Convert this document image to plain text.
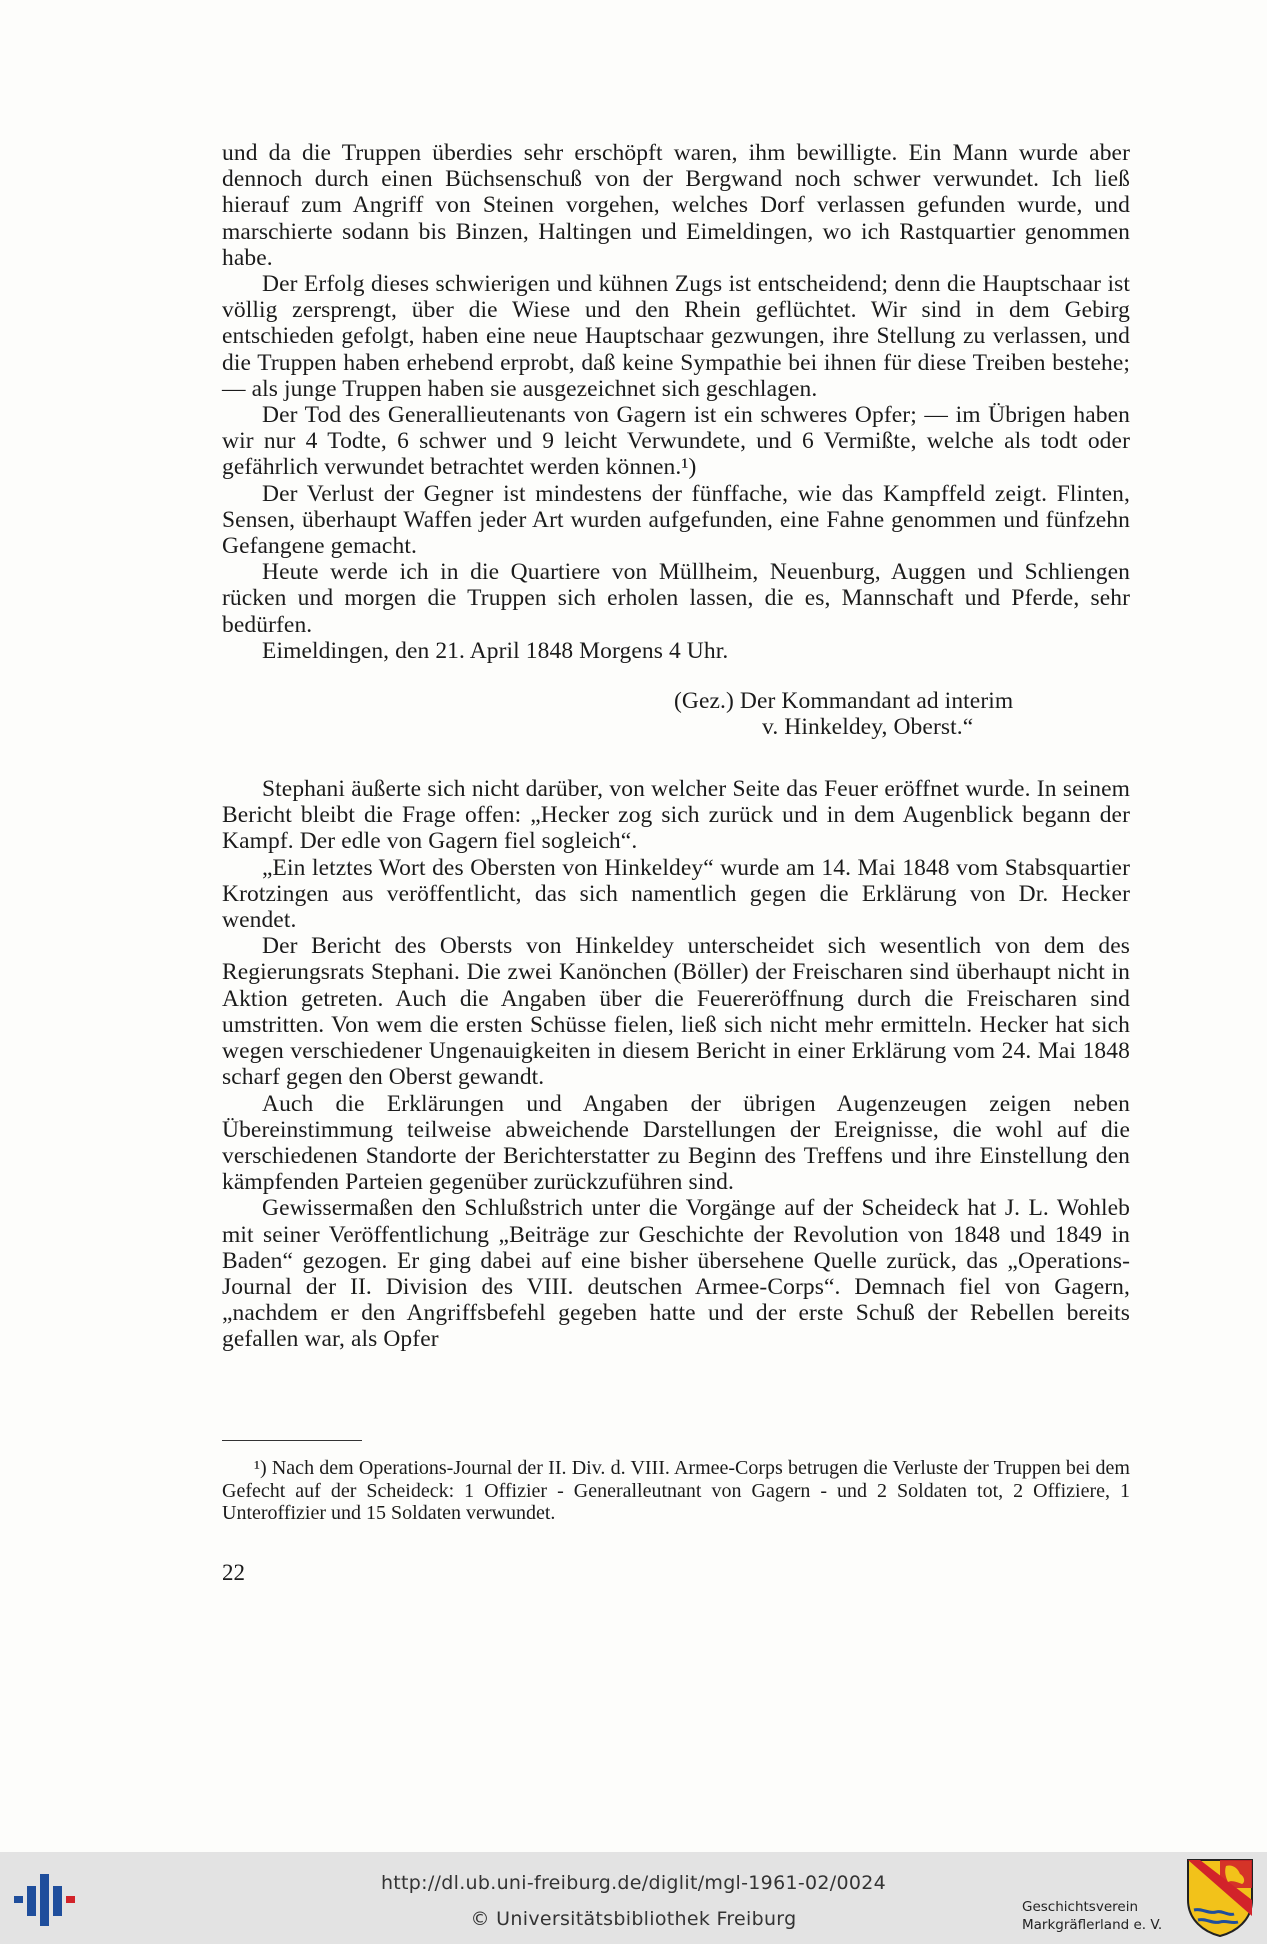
und da die Truppen überdies sehr erschöpft waren, ihm bewilligte. Ein Mann wurde aber dennoch durch einen Büchsenschuß von der Bergwand noch schwer verwundet. Ich ließ hierauf zum Angriff von Steinen vorgehen, welches Dorf verlassen gefunden wurde, und marschierte sodann bis Binzen, Haltingen und Eimeldingen, wo ich Rastquartier genommen habe.

Der Erfolg dieses schwierigen und kühnen Zugs ist entscheidend; denn die Hauptschaar ist völlig zersprengt, über die Wiese und den Rhein geflüchtet. Wir sind in dem Gebirg entschieden gefolgt, haben eine neue Hauptschaar gezwungen, ihre Stellung zu verlassen, und die Truppen haben erhebend erprobt, daß keine Sympathie bei ihnen für diese Treiben bestehe; — als junge Truppen haben sie ausgezeichnet sich geschlagen.

Der Tod des Generallieutenants von Gagern ist ein schweres Opfer; — im Übrigen haben wir nur 4 Todte, 6 schwer und 9 leicht Verwundete, und 6 Vermißte, welche als todt oder gefährlich verwundet betrachtet werden können.¹)

Der Verlust der Gegner ist mindestens der fünffache, wie das Kampffeld zeigt. Flinten, Sensen, überhaupt Waffen jeder Art wurden aufgefunden, eine Fahne genommen und fünfzehn Gefangene gemacht.

Heute werde ich in die Quartiere von Müllheim, Neuenburg, Auggen und Schliengen rücken und morgen die Truppen sich erholen lassen, die es, Mannschaft und Pferde, sehr bedürfen.

Eimeldingen, den 21. April 1848 Morgens 4 Uhr.

(Gez.) Der Kommandant ad interim
v. Hinkeldey, Oberst.“

Stephani äußerte sich nicht darüber, von welcher Seite das Feuer eröffnet wurde. In seinem Bericht bleibt die Frage offen: „Hecker zog sich zurück und in dem Augenblick begann der Kampf. Der edle von Gagern fiel sogleich“.

„Ein letztes Wort des Obersten von Hinkeldey“ wurde am 14. Mai 1848 vom Stabsquartier Krotzingen aus veröffentlicht, das sich namentlich gegen die Erklärung von Dr. Hecker wendet.

Der Bericht des Obersts von Hinkeldey unterscheidet sich wesentlich von dem des Regierungsrats Stephani. Die zwei Kanönchen (Böller) der Freischaren sind überhaupt nicht in Aktion getreten. Auch die Angaben über die Feuereröffnung durch die Freischaren sind umstritten. Von wem die ersten Schüsse fielen, ließ sich nicht mehr ermitteln. Hecker hat sich wegen verschiedener Ungenauigkeiten in diesem Bericht in einer Erklärung vom 24. Mai 1848 scharf gegen den Oberst gewandt.

Auch die Erklärungen und Angaben der übrigen Augenzeugen zeigen neben Übereinstimmung teilweise abweichende Darstellungen der Ereignisse, die wohl auf die verschiedenen Standorte der Berichterstatter zu Beginn des Treffens und ihre Einstellung den kämpfenden Parteien gegenüber zurückzuführen sind.

Gewissermaßen den Schlußstrich unter die Vorgänge auf der Scheideck hat J. L. Wohleb mit seiner Veröffentlichung „Beiträge zur Geschichte der Revolution von 1848 und 1849 in Baden“ gezogen. Er ging dabei auf eine bisher übersehene Quelle zurück, das „Operations-Journal der II. Division des VIII. deutschen Armee-Corps“. Demnach fiel von Gagern, „nachdem er den Angriffsbefehl gegeben hatte und der erste Schuß der Rebellen bereits gefallen war, als Opfer

¹) Nach dem Operations-Journal der II. Div. d. VIII. Armee-Corps betrugen die Verluste der Truppen bei dem Gefecht auf der Scheideck: 1 Offizier - Generalleutnant von Gagern - und 2 Soldaten tot, 2 Offiziere, 1 Unteroffizier und 15 Soldaten verwundet.
22
http://dl.ub.uni-freiburg.de/diglit/mgl-1961-02/0024
© Universitätsbibliothek Freiburg
Geschichtsverein
Markgräflerland e. V.
